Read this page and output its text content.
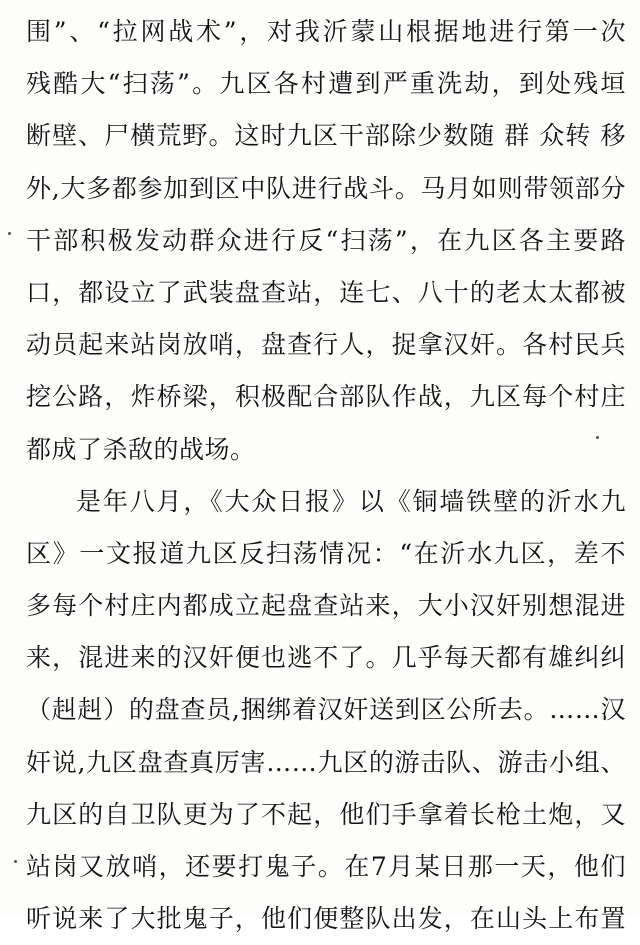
围”、“拉网战术”，对我沂蒙山根据地进行第一次
残酷大“扫荡”。九区各村遭到严重洗劫，到处残垣
断壁、尸横荒野。这时九区干部除少数随 群 众转 移
外,大多都参加到区中队进行战斗。马月如则带领部分
干部积极发动群众进行反“扫荡”，在九区各主要路
口，都设立了武装盘查站，连七、八十的老太太都被
动员起来站岗放哨，盘查行人，捉拿汉奸。各村民兵
挖公路，炸桥梁，积极配合部队作战，九区每个村庄
都成了杀敌的战场。
是年八月，《大众日报》以《铜墙铁壁的沂水九
区》一文报道九区反扫荡情况：“在沂水九区，差不
多每个村庄内都成立起盘查站来，大小汉奸别想混进
来，混进来的汉奸便也逃不了。几乎每天都有雄纠纠
（赳赳）的盘查员,捆绑着汉奸送到区公所去。……汉
奸说,九区盘查真厉害……九区的游击队、游击小组、
九区的自卫队更为了不起，他们手拿着长枪土炮，又
站岗又放哨，还要打鬼子。在7月某日那一天，他们
听说来了大批鬼子，他们便整队出发，在山头上布置
